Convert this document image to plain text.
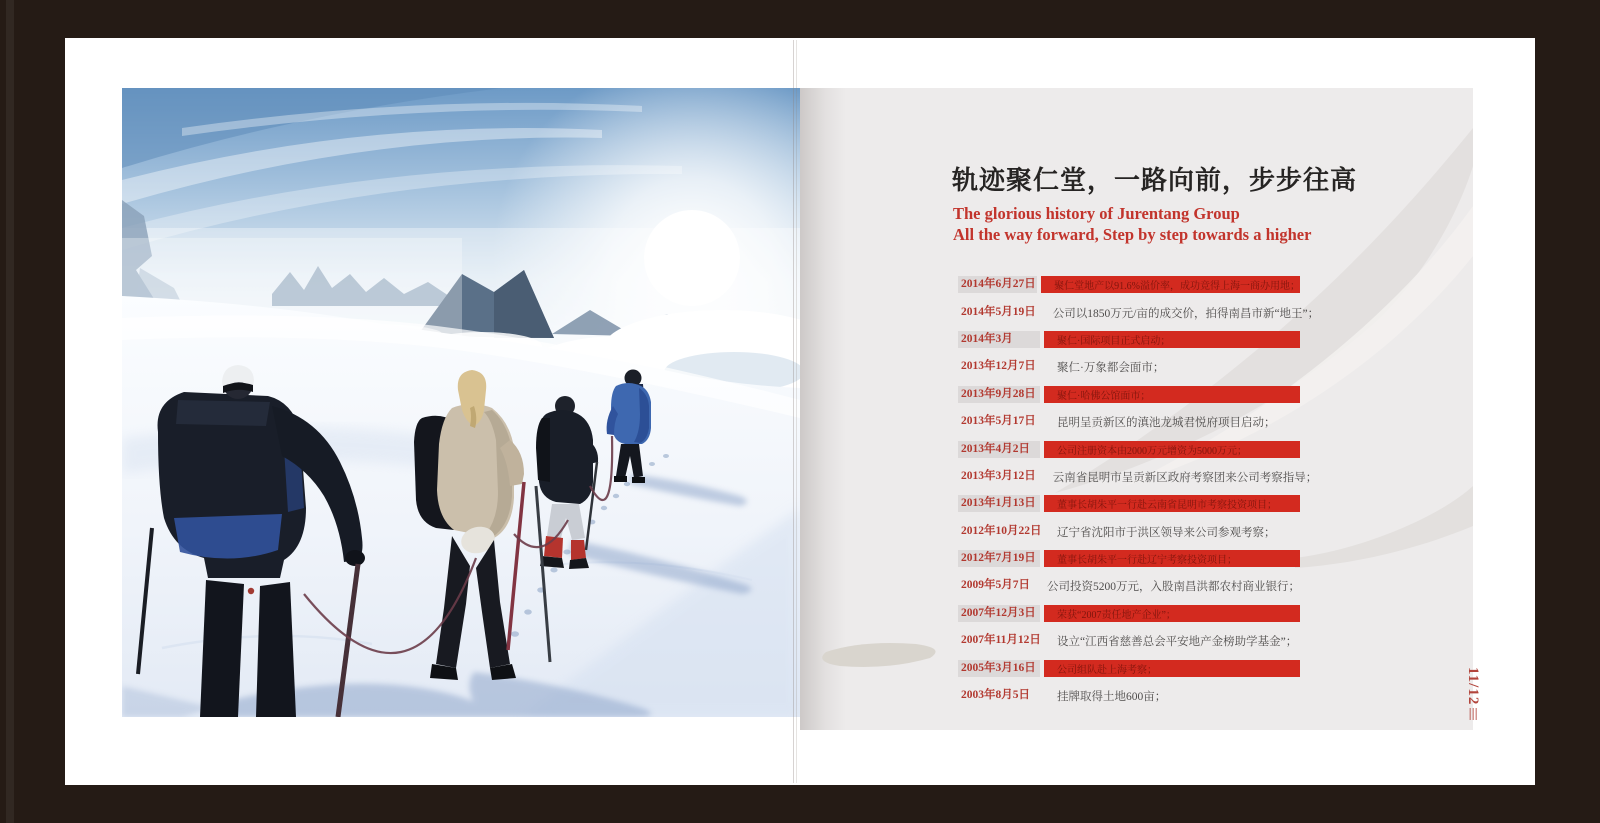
轨迹聚仁堂，一路向前，步步往高

The glorious history of Jurentang Group
All the way forward, Step by step towards a higher

2014年6月27日	聚仁堂地产以91.6%溢价率，成功竞得上海一商办用地；
2014年5月19日	公司以1850万元/亩的成交价，拍得南昌市新“地王”；
2014年3月	聚仁·国际项目正式启动；
2013年12月7日	聚仁·万象都会面市；
2013年9月28日	聚仁·哈佛公馆面市；
2013年5月17日	昆明呈贡新区的滇池龙城君悦府项目启动；
2013年4月2日	公司注册资本由2000万元增资为5000万元；
2013年3月12日	云南省昆明市呈贡新区政府考察团来公司考察指导；
2013年1月13日	董事长胡朱平一行赴云南省昆明市考察投资项目；
2012年10月22日	辽宁省沈阳市于洪区领导来公司参观考察；
2012年7月19日	董事长胡朱平一行赴辽宁考察投资项目；
2009年5月7日	公司投资5200万元，入股南昌洪都农村商业银行；
2007年12月3日	荣获“2007责任地产企业”；
2007年11月12日	设立“江西省慈善总会平安地产金榜助学基金”；
2005年3月16日	公司组队赴上海考察；
2003年8月5日	挂牌取得土地600亩；	11/12
